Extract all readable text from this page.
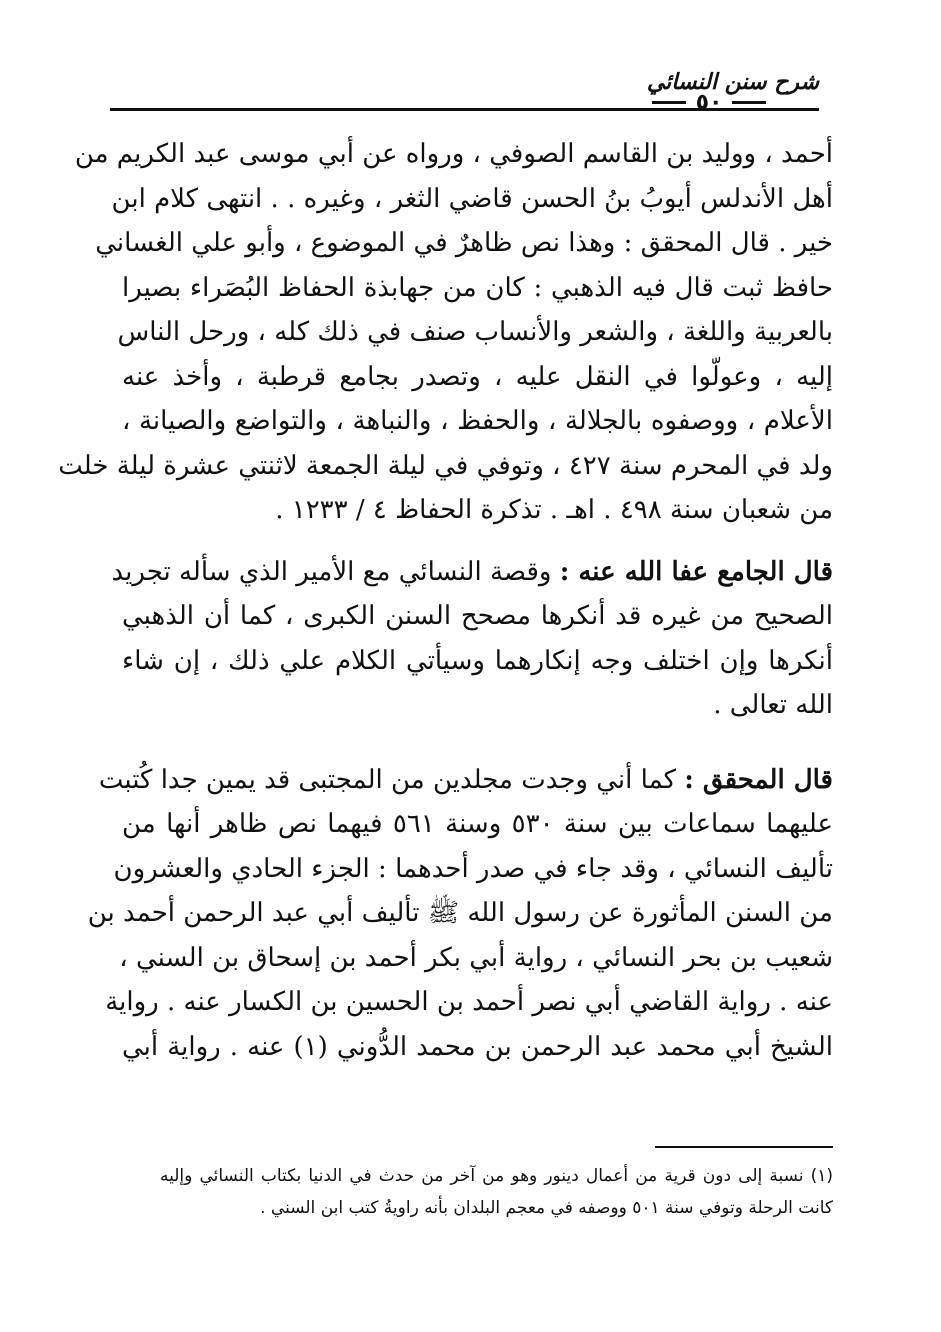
شرح سنن النسائي
٥٠
أحمد ، ووليد بن القاسم الصوفي ، ورواه عن أبي موسى عبد الكريم من
أهل الأندلس أيوبُ بنُ الحسن قاضي الثغر ، وغيره . . انتهى كلام ابن
خير . قال المحقق : وهذا نص ظاهرٌ في الموضوع ، وأبو علي الغساني
حافظ ثبت قال فيه الذهبي : كان من جهابذة الحفاظ البُصَراء بصيرا
بالعربية واللغة ، والشعر والأنساب صنف في ذلك كله ، ورحل الناس
إليه ، وعولّوا في النقل عليه ، وتصدر بجامع قرطبة ، وأخذ عنه
الأعلام ، ووصفوه بالجلالة ، والحفظ ، والنباهة ، والتواضع والصيانة ،
ولد في المحرم سنة ٤٢٧ ، وتوفي في ليلة الجمعة لاثنتي عشرة ليلة خلت
من شعبان سنة ٤٩٨ . اهـ . تذكرة الحفاظ ٤ / ١٢٣٣ .
قال الجامع عفا الله عنه : وقصة النسائي مع الأمير الذي سأله تجريد
الصحيح من غيره قد أنكرها مصحح السنن الكبرى ، كما أن الذهبي
أنكرها وإن اختلف وجه إنكارهما وسيأتي الكلام علي ذلك ، إن شاء
الله تعالى .
قال المحقق : كما أني وجدت مجلدين من المجتبى قد يمين جدا كُتبت
عليهما سماعات بين سنة ٥٣٠ وسنة ٥٦١ فيهما نص ظاهر أنها من
تأليف النسائي ، وقد جاء في صدر أحدهما : الجزء الحادي والعشرون
من السنن المأثورة عن رسول الله ﷺ تأليف أبي عبد الرحمن أحمد بن
شعيب بن بحر النسائي ، رواية أبي بكر أحمد بن إسحاق بن السني ،
عنه . رواية القاضي أبي نصر أحمد بن الحسين بن الكسار عنه . رواية
الشيخ أبي محمد عبد الرحمن بن محمد الدُّوني (١) عنه . رواية أبي
(١) نسبة إلى دون قرية من أعمال دينور وهو من آخر من حدث في الدنيا بكتاب النسائي وإليه
كانت الرحلة وتوفي سنة ٥٠١ ووصفه في معجم البلدان بأنه راويةُ كتب ابن السني .
